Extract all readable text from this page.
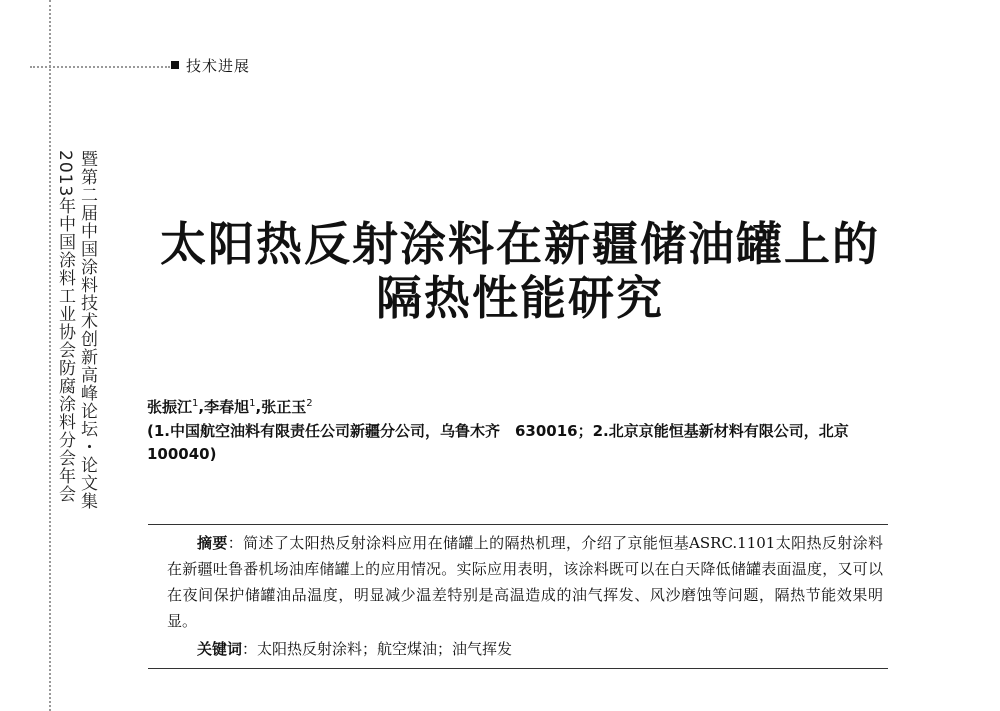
技术进展
暨第二届中国涂料技术创新高峰论坛・论文集
2013年中国涂料工业协会防腐涂料分会年会 太阳热反射涂料在新疆储油罐上的
隔热性能研究
张振江$^1$,李春旭$^1$,张正玉$^2$
(1.中国航空油料有限责任公司新疆分公司，乌鲁木齐　630016；2.北京京能恒基新材料有限公司，北京　100040)
摘要：简述了太阳热反射涂料应用在储罐上的隔热机理，介绍了京能恒基ASRC.1101太阳热反射涂料在新疆吐鲁番机场油库储罐上的应用情况。实际应用表明，该涂料既可以在白天降低储罐表面温度，又可以在夜间保护储罐油品温度，明显减少温差特别是高温造成的油气挥发、风沙磨蚀等问题，隔热节能效果明显。
关键词：太阳热反射涂料；航空煤油；油气挥发
